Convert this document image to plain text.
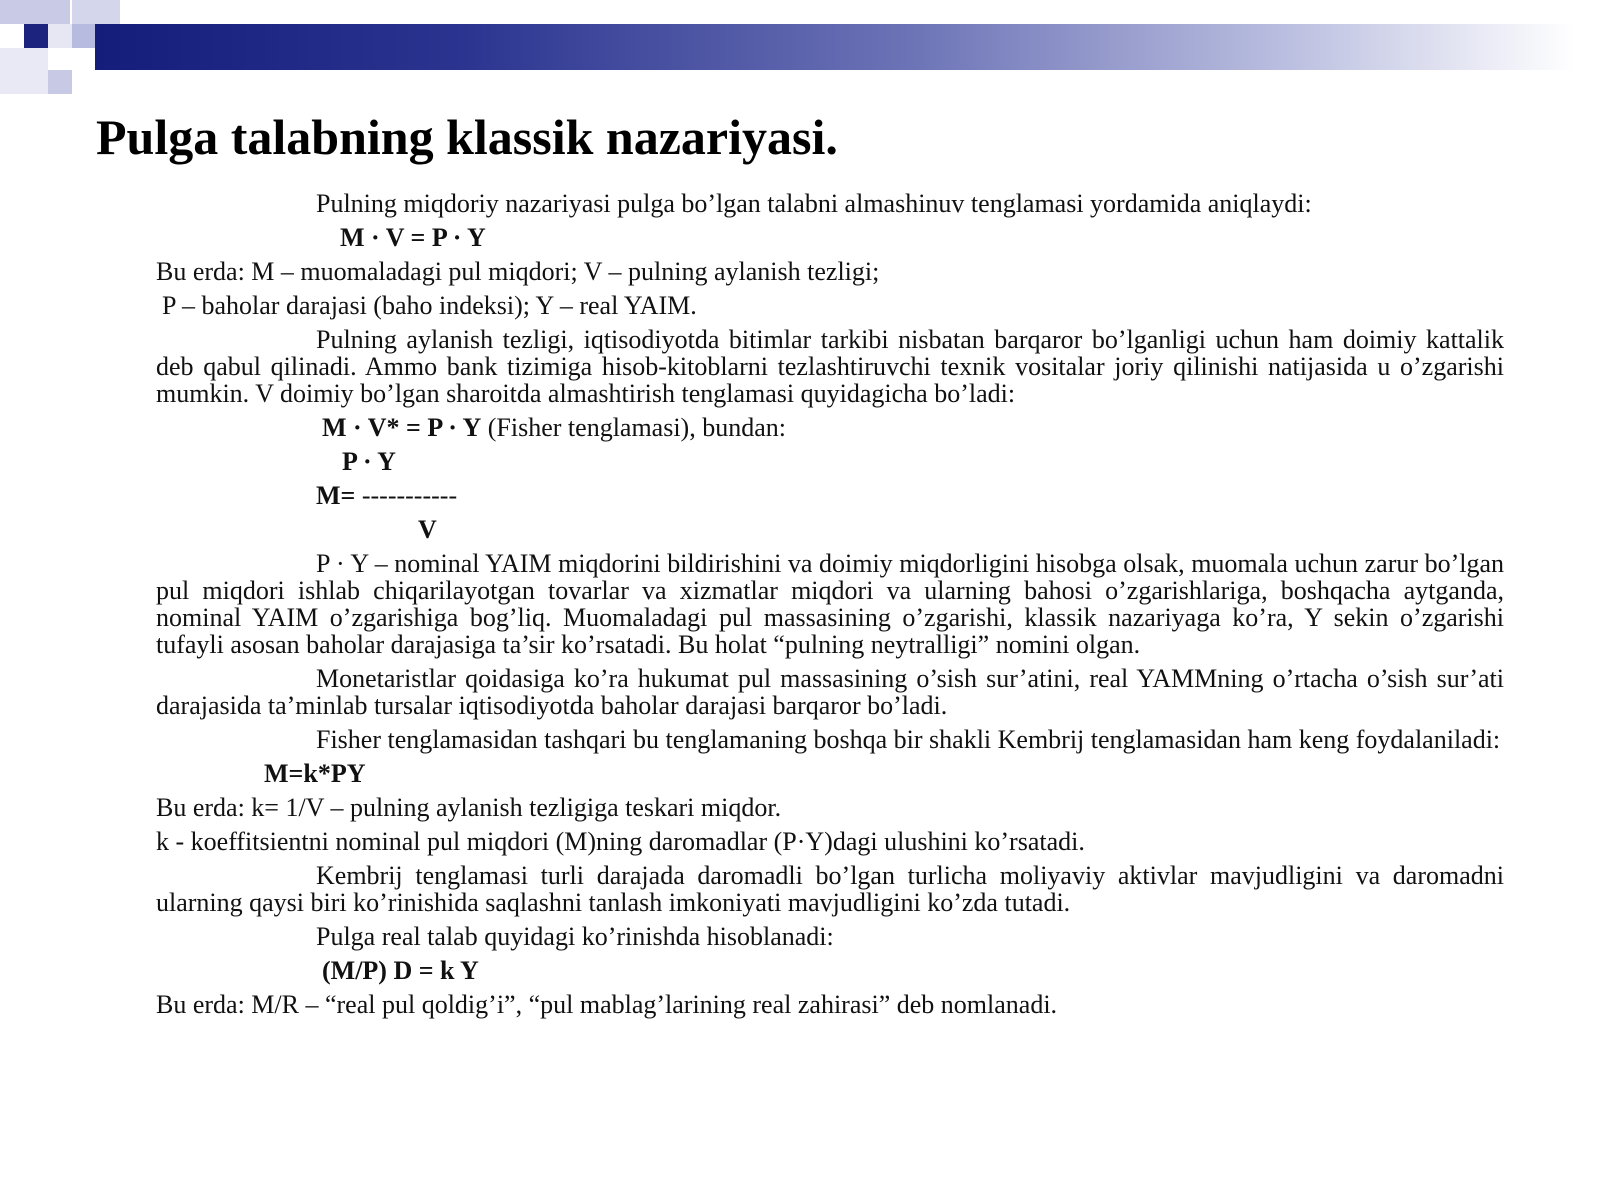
Pulga talabning klassik nazariyasi.

Pulning miqdoriy nazariyasi pulga bo’lgan talabni almashinuv tenglamasi yordamida aniqlaydi:

M · V = P · Y

Bu erda: M – muomaladagi pul miqdori; V – pulning aylanish tezligi;

P – baholar darajasi (baho indeksi); Y – real YAIM.

Pulning aylanish tezligi, iqtisodiyotda bitimlar tarkibi nisbatan barqaror bo’lganligi uchun ham doimiy kattalik deb qabul qilinadi. Ammo bank tizimiga hisob-kitoblarni tezlashtiruvchi texnik vositalar joriy qilinishi natijasida u o’zgarishi mumkin. V doimiy bo’lgan sharoitda almashtirish tenglamasi quyidagicha bo’ladi:

M · V* = P · Y (Fisher tenglamasi), bundan:

P · Y

M= -----------

V

P · Y – nominal YAIM miqdorini bildirishini va doimiy miqdorligini hisobga olsak, muomala uchun zarur bo’lgan pul miqdori ishlab chiqarilayotgan tovarlar va xizmatlar miqdori va ularning bahosi o’zgarishlariga, boshqacha aytganda, nominal YAIM o’zgarishiga bog’liq. Muomaladagi pul massasining o’zgarishi, klassik nazariyaga ko’ra, Y sekin o’zgarishi tufayli asosan baholar darajasiga ta’sir ko’rsatadi. Bu holat “pulning neytralligi” nomini olgan.

Monetaristlar qoidasiga ko’ra hukumat pul massasining o’sish sur’atini, real YAMMning o’rtacha o’sish sur’ati darajasida ta’minlab tursalar iqtisodiyotda baholar darajasi barqaror bo’ladi.

Fisher tenglamasidan tashqari bu tenglamaning boshqa bir shakli Kembrij tenglamasidan ham keng foydalaniladi:

M=k*PY

Bu erda: k= 1/V – pulning aylanish tezligiga teskari miqdor.

k - koeffitsientni nominal pul miqdori (M)ning daromadlar (P·Y)dagi ulushini ko’rsatadi.

Kembrij tenglamasi turli darajada daromadli bo’lgan turlicha moliyaviy aktivlar mavjudligini va daromadni ularning qaysi biri ko’rinishida saqlashni tanlash imkoniyati mavjudligini ko’zda tutadi.

Pulga real talab quyidagi ko’rinishda hisoblanadi:

(M/P) D = k Y

Bu erda: M/R – “real pul qoldig’i”, “pul mablag’larining real zahirasi” deb nomlanadi.
